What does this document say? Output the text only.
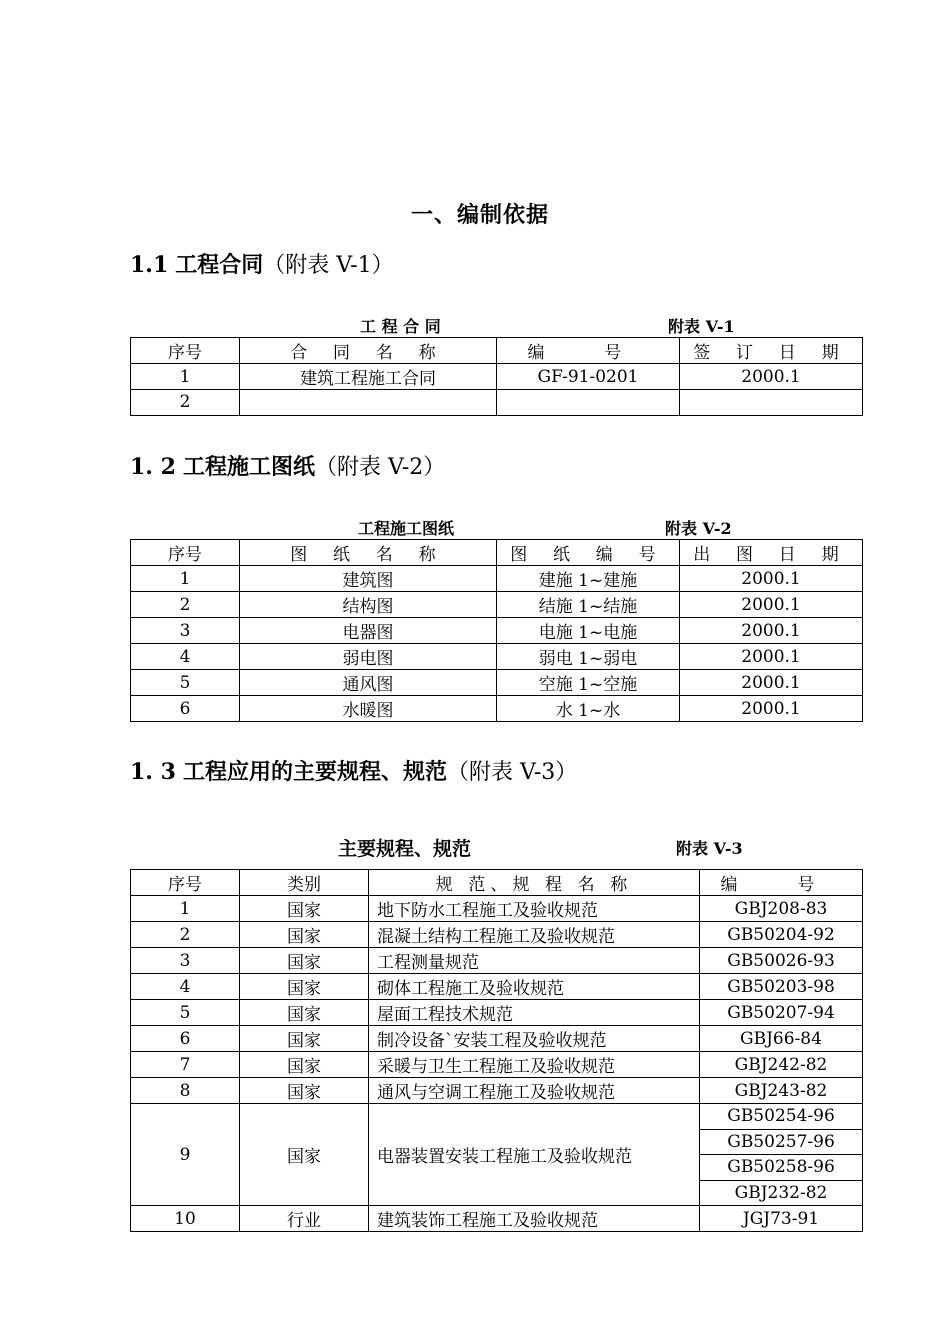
一、编制依据
1.1 工程合同（附表 V-1）
工 程 合 同	附表 V-1
序号	合 同 名 称	编 号	签 订 日 期
1	建筑工程施工合同	GF-91-0201	2000.1
2			
1. 2 工程施工图纸（附表 V-2）
工程施工图纸	附表 V-2
序号	图 纸 名 称	图 纸 编 号	出 图 日 期
1	建筑图	建施 1~建施	2000.1
2	结构图	结施 1~结施	2000.1
3	电器图	电施 1~电施	2000.1
4	弱电图	弱电 1~弱电	2000.1
5	通风图	空施 1~空施	2000.1
6	水暖图	水 1~水	2000.1
1. 3 工程应用的主要规程、规范（附表 V-3）
主要规程、规范	附表 V-3
序号	类别	规 范、规 程 名 称	编 号
1	国家	地下防水工程施工及验收规范	GBJ208-83
2	国家	混凝土结构工程施工及验收规范	GB50204-92
3	国家	工程测量规范	GB50026-93
4	国家	砌体工程施工及验收规范	GB50203-98
5	国家	屋面工程技术规范	GB50207-94
6	国家	制冷设备`安装工程及验收规范	GBJ66-84
7	国家	采暖与卫生工程施工及验收规范	GBJ242-82
8	国家	通风与空调工程施工及验收规范	GBJ243-82
9	国家	电器装置安装工程施工及验收规范	GB50254-96
			GB50257-96
			GB50258-96
			GBJ232-82
10	行业	建筑装饰工程施工及验收规范	JGJ73-91
